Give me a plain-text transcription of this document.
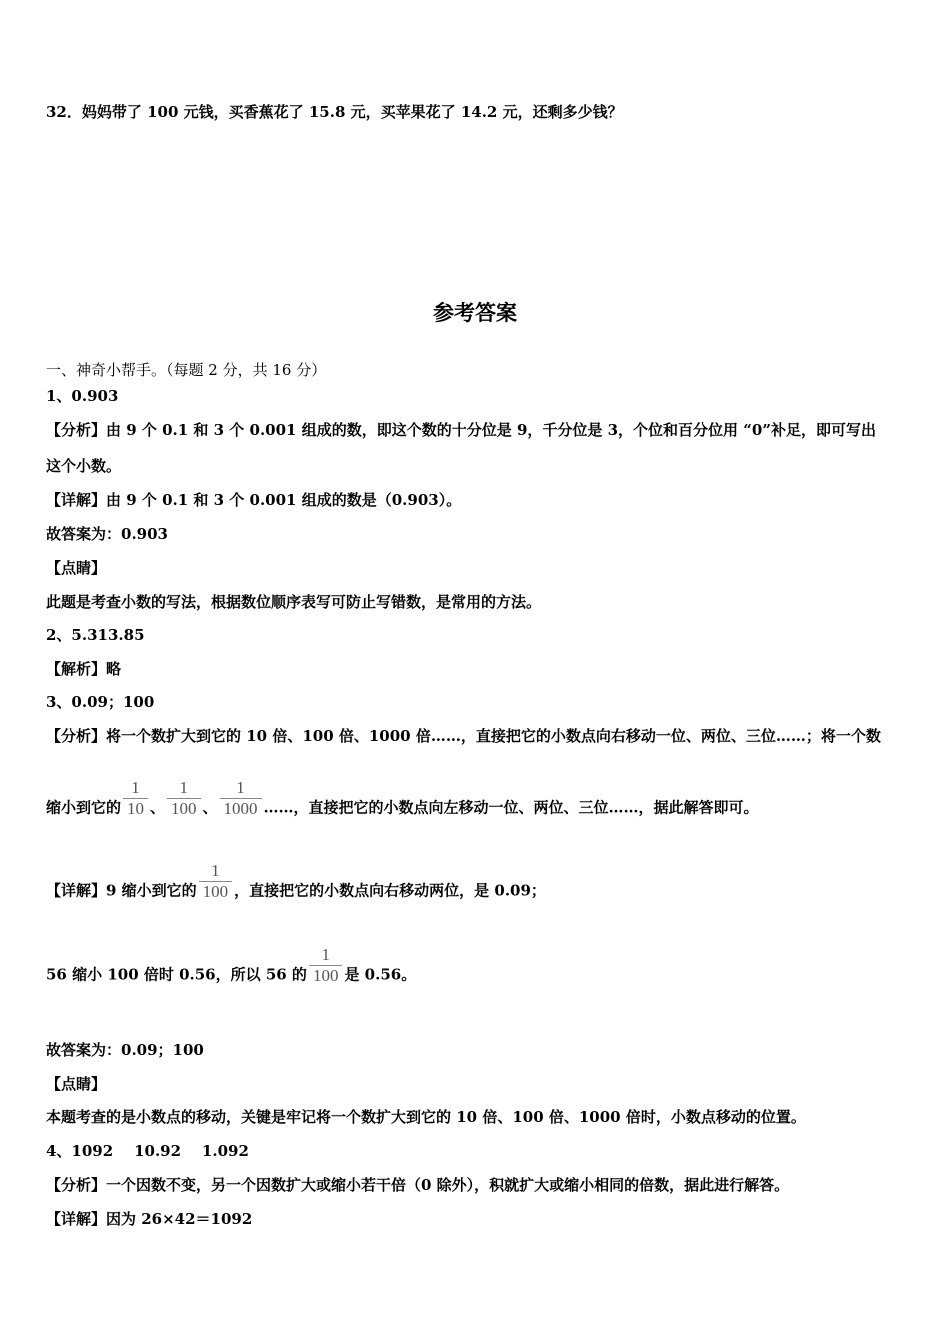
32．妈妈带了 100 元钱，买香蕉花了 15.8 元，买苹果花了 14.2 元，还剩多少钱？
参考答案
一、神奇小帮手。（每题 2 分，共 16 分）
1、0.903
【分析】由 9 个 0.1 和 3 个 0.001 组成的数，即这个数的十分位是 9，千分位是 3，个位和百分位用 “0”补足，即可写出
这个小数。
【详解】由 9 个 0.1 和 3 个 0.001 组成的数是（0.903）。
故答案为：0.903
【点睛】
此题是考查小数的写法，根据数位顺序表写可防止写错数，是常用的方法。
2、5.313.85
【解析】略
3、0.09；100
【分析】将一个数扩大到它的 10 倍、100 倍、1000 倍……，直接把它的小数点向右移动一位、两位、三位……；将一个数
缩小到它的 $\frac{1}{10}$ 、 $\frac{1}{100}$ 、 $\frac{1}{1000}$ ……，直接把它的小数点向左移动一位、两位、三位……，据此解答即可。
【详解】9 缩小到它的 $\frac{1}{100}$ ，直接把它的小数点向右移动两位，是 0.09；
56 缩小 100 倍时 0.56，所以 56 的 $\frac{1}{100}$ 是 0.56。
故答案为：0.09；100
【点睛】
本题考查的是小数点的移动，关键是牢记将一个数扩大到它的 10 倍、100 倍、1000 倍时，小数点移动的位置。
4、1092    10.92    1.092
【分析】一个因数不变，另一个因数扩大或缩小若干倍（0 除外），积就扩大或缩小相同的倍数，据此进行解答。
【详解】因为 26×42＝1092
